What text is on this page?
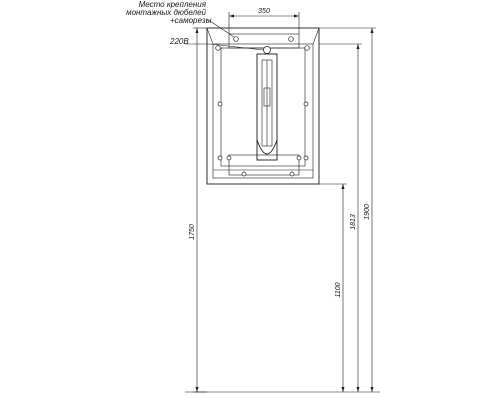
350
1750
1100
1813
1900
Место крепления
монтажных дюбелей
+саморезы
220В
